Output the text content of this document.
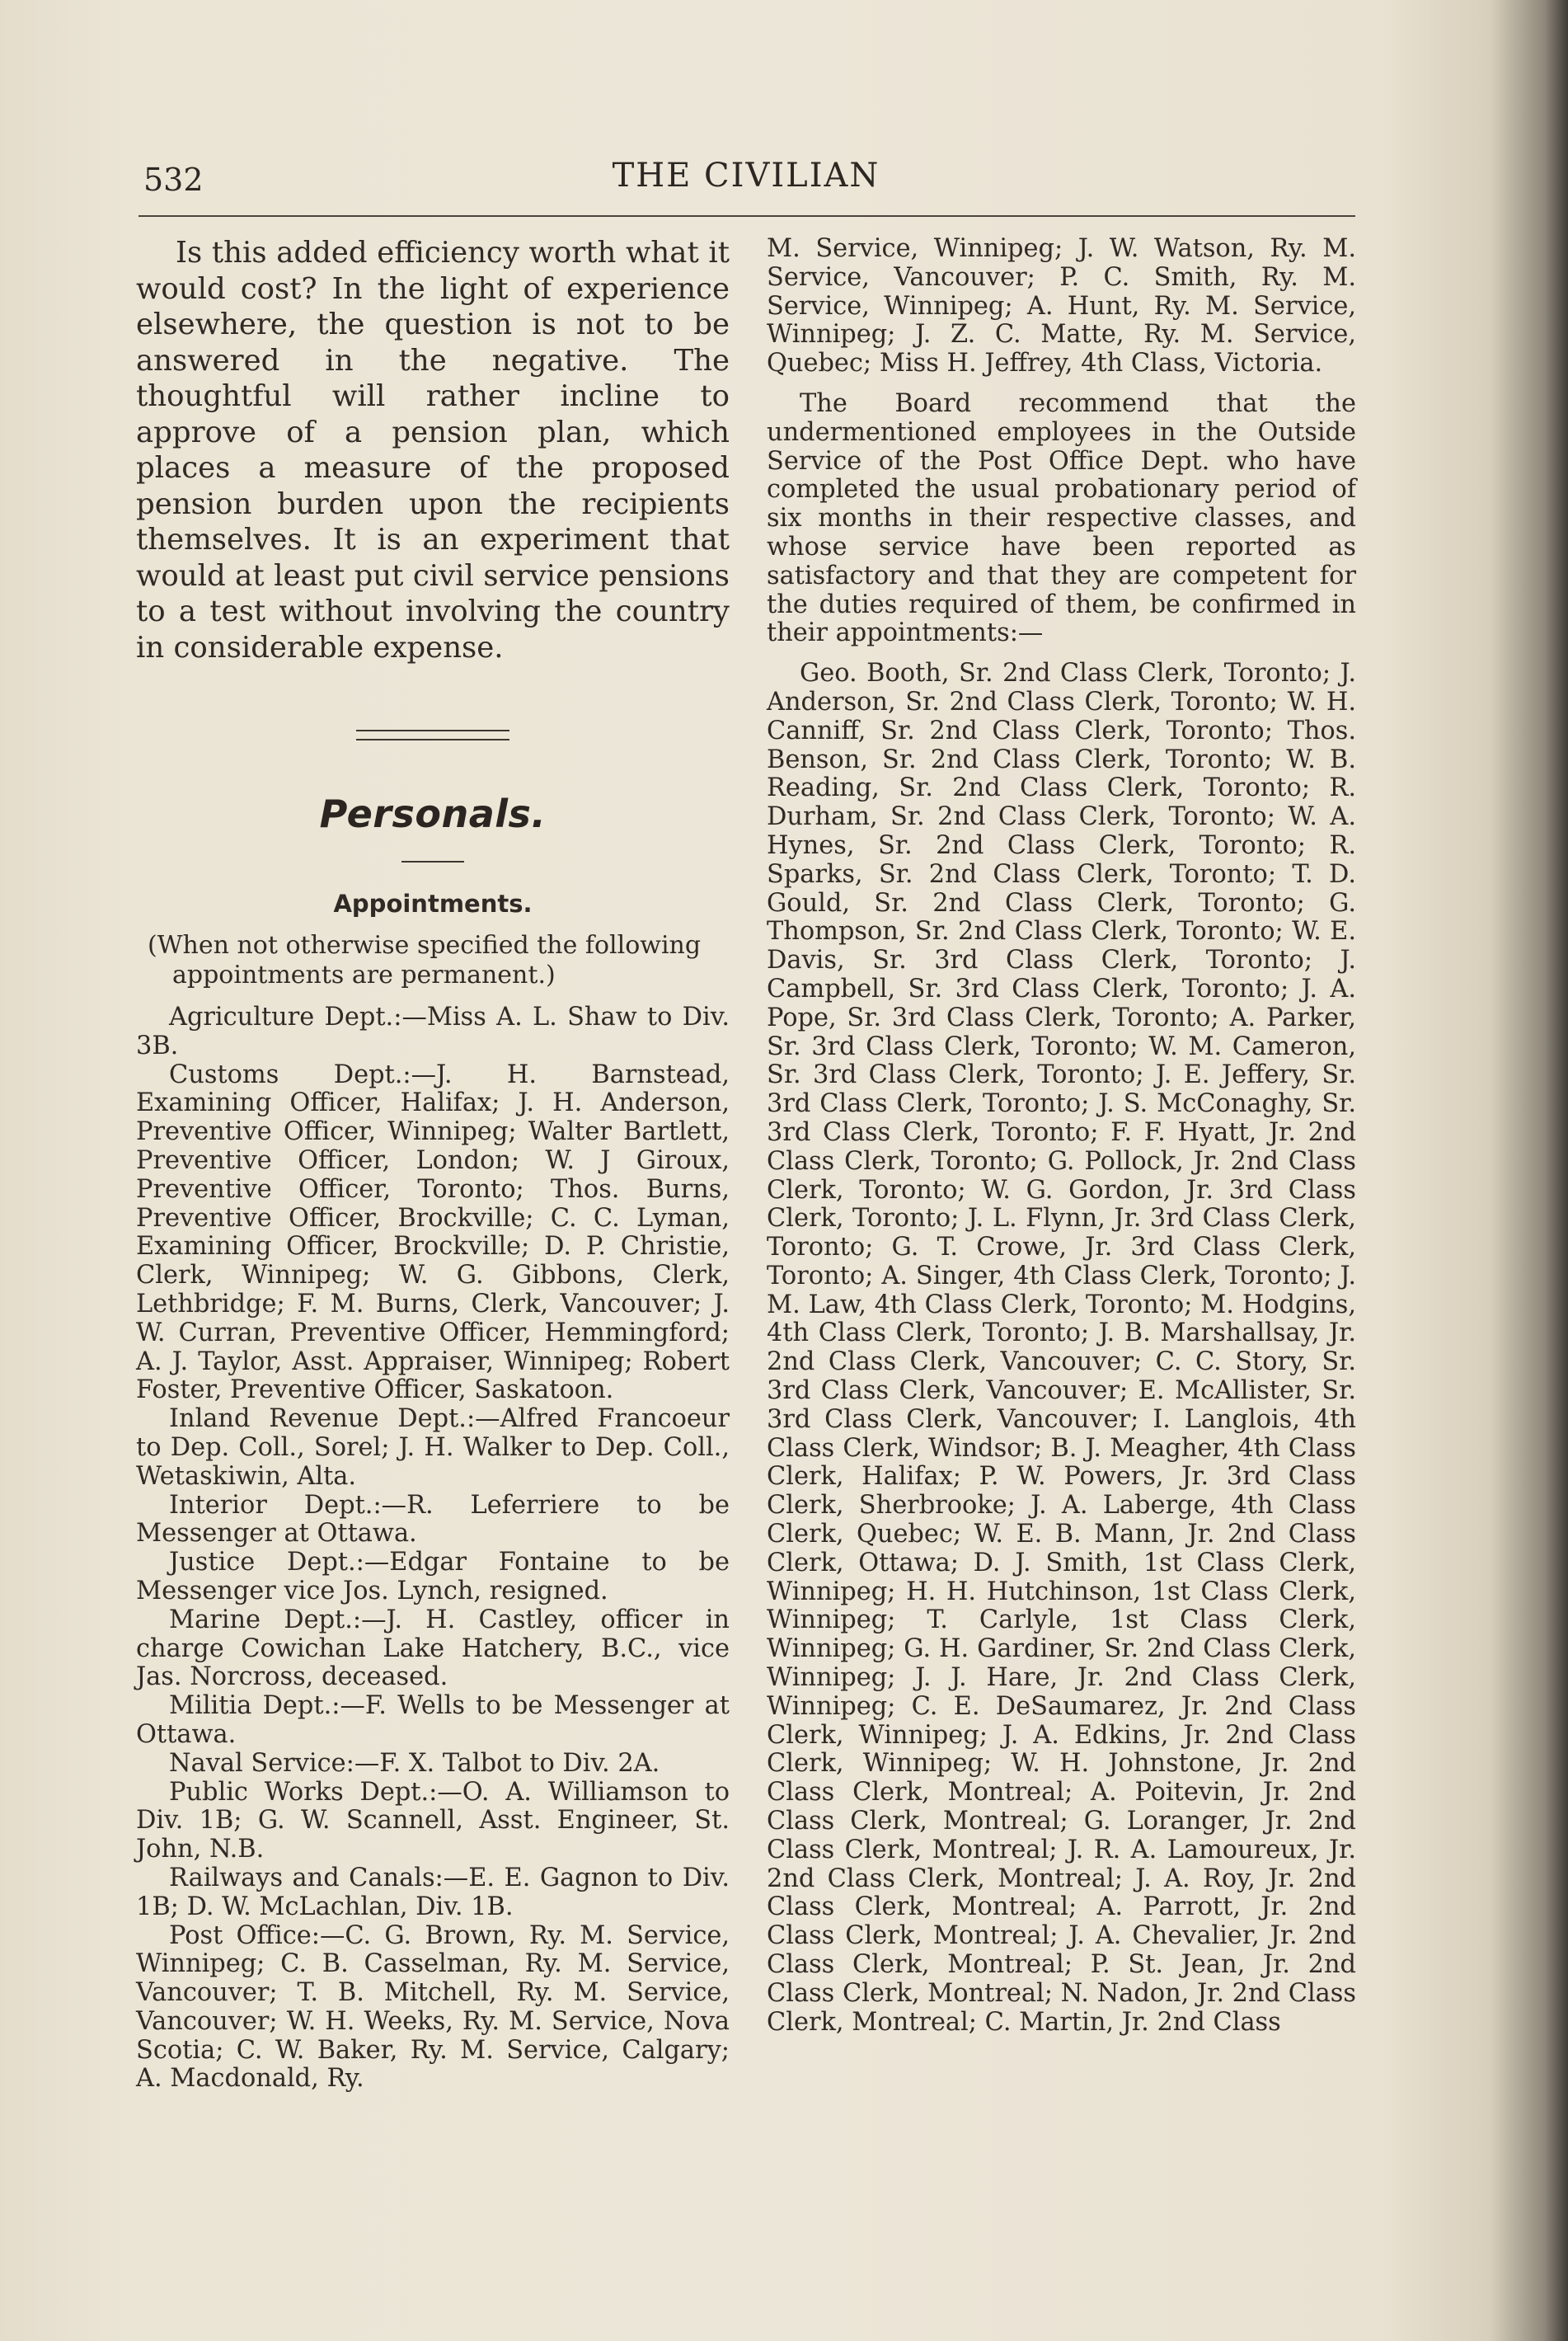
532	THE CIVILIAN

Is this added efficiency worth what it would cost? In the light of experience elsewhere, the question is not to be answered in the negative. The thoughtful will rather incline to approve of a pension plan, which places a measure of the proposed pension burden upon the recipients themselves. It is an experiment that would at least put civil service pensions to a test without involving the country in considerable expense.

Personals.
Appointments.

(When not otherwise specified the following appointments are permanent.)

Agriculture Dept.:—Miss A. L. Shaw to Div. 3B.

Customs Dept.:—J. H. Barnstead, Examining Officer, Halifax; J. H. Anderson, Preventive Officer, Winnipeg; Walter Bartlett, Preventive Officer, London; W. J Giroux, Preventive Officer, Toronto; Thos. Burns, Preventive Officer, Brockville; C. C. Lyman, Examining Officer, Brockville; D. P. Christie, Clerk, Winnipeg; W. G. Gibbons, Clerk, Lethbridge; F. M. Burns, Clerk, Vancouver; J. W. Curran, Preventive Officer, Hemmingford; A. J. Taylor, Asst. Appraiser, Winnipeg; Robert Foster, Preventive Officer, Saskatoon.

Inland Revenue Dept.:—Alfred Francoeur to Dep. Coll., Sorel; J. H. Walker to Dep. Coll., Wetaskiwin, Alta.

Interior Dept.:—R. Leferriere to be Messenger at Ottawa.

Justice Dept.:—Edgar Fontaine to be Messenger vice Jos. Lynch, resigned.

Marine Dept.:—J. H. Castley, officer in charge Cowichan Lake Hatchery, B.C., vice Jas. Norcross, deceased.

Militia Dept.:—F. Wells to be Messenger at Ottawa.

Naval Service:—F. X. Talbot to Div. 2A.

Public Works Dept.:—O. A. Williamson to Div. 1B; G. W. Scannell, Asst. Engineer, St. John, N.B.

Railways and Canals:—E. E. Gagnon to Div. 1B; D. W. McLachlan, Div. 1B.

Post Office:—C. G. Brown, Ry. M. Service, Winnipeg; C. B. Casselman, Ry. M. Service, Vancouver; T. B. Mitchell, Ry. M. Service, Vancouver; W. H. Weeks, Ry. M. Service, Nova Scotia; C. W. Baker, Ry. M. Service, Calgary; A. Macdonald, Ry.

M. Service, Winnipeg; J. W. Watson, Ry. M. Service, Vancouver; P. C. Smith, Ry. M. Service, Winnipeg; A. Hunt, Ry. M. Service, Winnipeg; J. Z. C. Matte, Ry. M. Service, Quebec; Miss H. Jeffrey, 4th Class, Victoria.

The Board recommend that the undermentioned employees in the Outside Service of the Post Office Dept. who have completed the usual probationary period of six months in their respective classes, and whose service have been reported as satisfactory and that they are competent for the duties required of them, be confirmed in their appointments:—

Geo. Booth, Sr. 2nd Class Clerk, Toronto; J. Anderson, Sr. 2nd Class Clerk, Toronto; W. H. Canniff, Sr. 2nd Class Clerk, Toronto; Thos. Benson, Sr. 2nd Class Clerk, Toronto; W. B. Reading, Sr. 2nd Class Clerk, Toronto; R. Durham, Sr. 2nd Class Clerk, Toronto; W. A. Hynes, Sr. 2nd Class Clerk, Toronto; R. Sparks, Sr. 2nd Class Clerk, Toronto; T. D. Gould, Sr. 2nd Class Clerk, Toronto; G. Thompson, Sr. 2nd Class Clerk, Toronto; W. E. Davis, Sr. 3rd Class Clerk, Toronto; J. Campbell, Sr. 3rd Class Clerk, Toronto; J. A. Pope, Sr. 3rd Class Clerk, Toronto; A. Parker, Sr. 3rd Class Clerk, Toronto; W. M. Cameron, Sr. 3rd Class Clerk, Toronto; J. E. Jeffery, Sr. 3rd Class Clerk, Toronto; J. S. McConaghy, Sr. 3rd Class Clerk, Toronto; F. F. Hyatt, Jr. 2nd Class Clerk, Toronto; G. Pollock, Jr. 2nd Class Clerk, Toronto; W. G. Gordon, Jr. 3rd Class Clerk, Toronto; J. L. Flynn, Jr. 3rd Class Clerk, Toronto; G. T. Crowe, Jr. 3rd Class Clerk, Toronto; A. Singer, 4th Class Clerk, Toronto; J. M. Law, 4th Class Clerk, Toronto; M. Hodgins, 4th Class Clerk, Toronto; J. B. Marshallsay, Jr. 2nd Class Clerk, Vancouver; C. C. Story, Sr. 3rd Class Clerk, Vancouver; E. McAllister, Sr. 3rd Class Clerk, Vancouver; I. Langlois, 4th Class Clerk, Windsor; B. J. Meagher, 4th Class Clerk, Halifax; P. W. Powers, Jr. 3rd Class Clerk, Sherbrooke; J. A. Laberge, 4th Class Clerk, Quebec; W. E. B. Mann, Jr. 2nd Class Clerk, Ottawa; D. J. Smith, 1st Class Clerk, Winnipeg; H. H. Hutchinson, 1st Class Clerk, Winnipeg; T. Carlyle, 1st Class Clerk, Winnipeg; G. H. Gardiner, Sr. 2nd Class Clerk, Winnipeg; J. J. Hare, Jr. 2nd Class Clerk, Winnipeg; C. E. DeSaumarez, Jr. 2nd Class Clerk, Winnipeg; J. A. Edkins, Jr. 2nd Class Clerk, Winnipeg; W. H. Johnstone, Jr. 2nd Class Clerk, Montreal; A. Poitevin, Jr. 2nd Class Clerk, Montreal; G. Loranger, Jr. 2nd Class Clerk, Montreal; J. R. A. Lamoureux, Jr. 2nd Class Clerk, Montreal; J. A. Roy, Jr. 2nd Class Clerk, Montreal; A. Parrott, Jr. 2nd Class Clerk, Montreal; J. A. Chevalier, Jr. 2nd Class Clerk, Montreal; P. St. Jean, Jr. 2nd Class Clerk, Montreal; N. Nadon, Jr. 2nd Class Clerk, Montreal; C. Martin, Jr. 2nd Class
